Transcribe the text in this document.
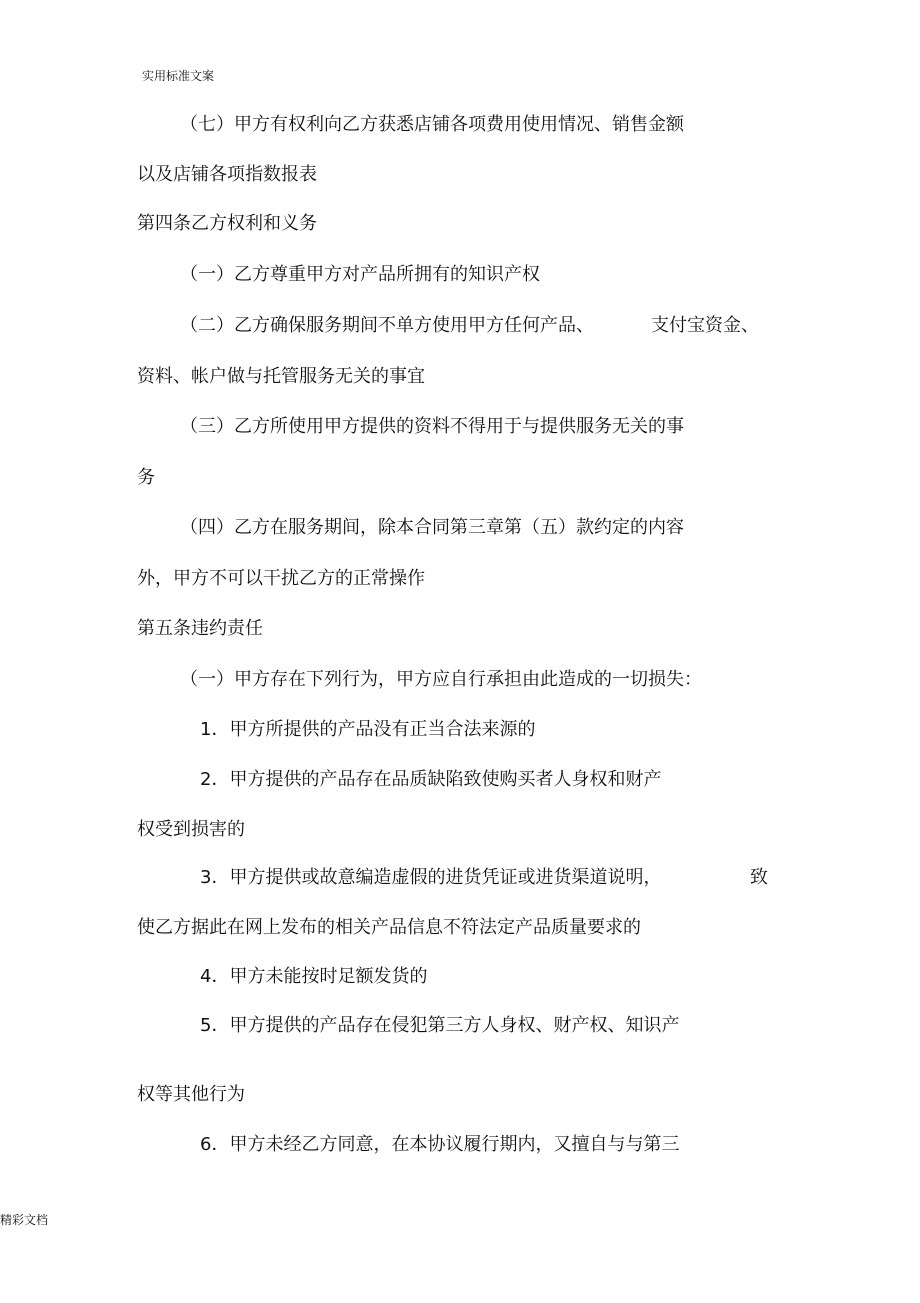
实用标准文案

（七）甲方有权利向乙方获悉店铺各项费用使用情况、销售金额

以及店铺各项指数报表

第四条乙方权利和义务

（一）乙方尊重甲方对产品所拥有的知识产权

（二）乙方确保服务期间不单方使用甲方任何产品、	支付宝资金、

资料、帐户做与托管服务无关的事宜

（三）乙方所使用甲方提供的资料不得用于与提供服务无关的事

务

（四）乙方在服务期间，除本合同第三章第（五）款约定的内容

外，甲方不可以干扰乙方的正常操作

第五条违约责任

（一）甲方存在下列行为，甲方应自行承担由此造成的一切损失：

1．甲方所提供的产品没有正当合法来源的

2．甲方提供的产品存在品质缺陷致使购买者人身权和财产

权受到损害的

3．甲方提供或故意编造虚假的进货凭证或进货渠道说明，	致

使乙方据此在网上发布的相关产品信息不符法定产品质量要求的

4．甲方未能按时足额发货的

5．甲方提供的产品存在侵犯第三方人身权、财产权、知识产

权等其他行为

6．甲方未经乙方同意，在本协议履行期内，又擅自与与第三

精彩文档
